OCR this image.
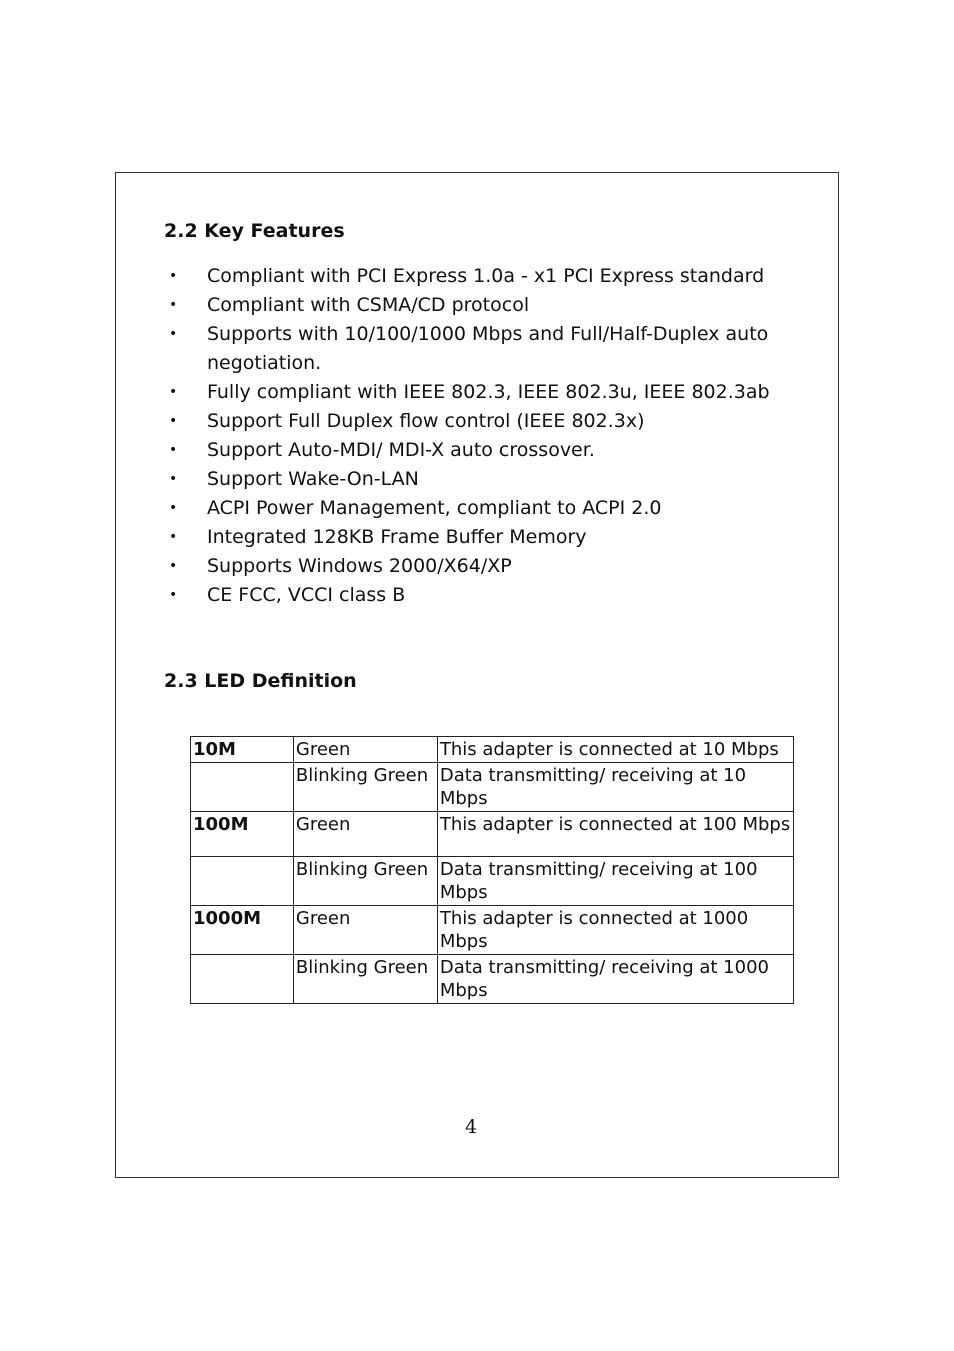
2.2 Key Features
• Compliant with PCI Express 1.0a - x1 PCI Express standard
• Compliant with CSMA/CD protocol
• Supports with 10/100/1000 Mbps and Full/Half-Duplex auto negotiation.
• Fully compliant with IEEE 802.3, IEEE 802.3u, IEEE 802.3ab
• Support Full Duplex flow control (IEEE 802.3x)
• Support Auto-MDI/ MDI-X auto crossover.
• Support Wake-On-LAN
• ACPI Power Management, compliant to ACPI 2.0
• Integrated 128KB Frame Buffer Memory
• Supports Windows 2000/X64/XP
• CE FCC, VCCI class B
2.3 LED Definition
10M	Green	This adapter is connected at 10 Mbps
	Blinking Green	Data transmitting/ receiving at 10 Mbps
100M	Green	This adapter is connected at 100 Mbps
	Blinking Green	Data transmitting/ receiving at 100 Mbps
1000M	Green	This adapter is connected at 1000 Mbps
	Blinking Green	Data transmitting/ receiving at 1000 Mbps
4
